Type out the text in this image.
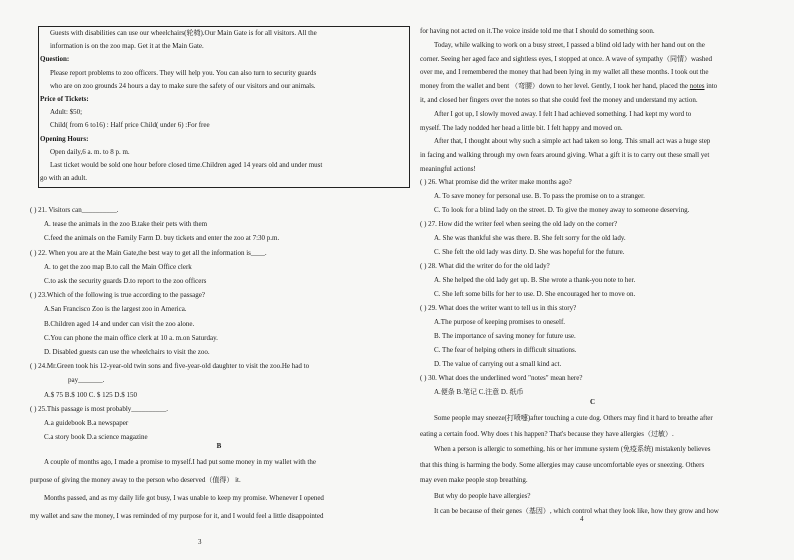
Guests with disabilities can use our wheelchairs(轮椅).Our Main Gate is for all visitors. All the
information is on the zoo map. Get it at the Main Gate.
Question:
Please report problems to zoo officers. They will help you. You can also turn to security guards
who are on zoo grounds 24 hours a day to make sure the safety of our visitors and our animals.
Price of Tickets:
Adult: $50;
Child( from 6 to16) : Half price Child( under 6) :For free
Opening Hours:
Open daily,6 a. m. to 8 p. m.
Last ticket would be sold one hour before closed time.Children aged 14 years old and under must
go with an adult.
( ) 21. Visitors can__________.
A. tease the animals in the zoo B.take their pets with them
C.feed the animals on the Family Farm D. buy tickets and enter the zoo at 7:30 p.m.
( ) 22. When you are at the Main Gate,the best way to get all the information is____.
A. to get the zoo map B.to call the Main Office clerk
C.to ask the security guards D.to report to the zoo officers
( ) 23.Which of the following is true according to the passage?
A.San Francisco Zoo is the largest zoo in America.
B.Children aged 14 and under can visit the zoo alone.
C.You can phone the main office clerk at 10 a. m.on Saturday.
D. Disabled guests can use the wheelchairs to visit the zoo.
( ) 24.Mr.Green took his 12-year-old twin sons and five-year-old daughter to visit the zoo.He had to
pay_______.
A.$ 75 B.$ 100 C. $ 125 D.$ 150
( ) 25.This passage is most probably__________.
A.a guidebook B.a newspaper
C.a story book D.a science magazine
B
A couple of months ago, I made a promise to myself.I had put some money in my wallet with the
purpose of giving the money away to the person who deserved（值得） it.
Months passed, and as my daily life got busy, I was unable to keep my promise. Whenever I opened
my wallet and saw the money, I was reminded of my purpose for it, and I would feel a little disappointed
3
for having not acted on it.The voice inside told me that I should do something soon.
Today, while walking to work on a busy street, I passed a blind old lady with her hand out on the
corner. Seeing her aged face and sightless eyes, I stopped at once. A wave of sympathy（同情）washed
over me, and I remembered the money that had been lying in my wallet all these months. I took out the
money from the wallet and bent （弯腰）down to her level. Gently, I took her hand, placed the notes into
it, and closed her fingers over the notes so that she could feel the money and understand my action.
After I got up, I slowly moved away. I felt I had achieved something. I had kept my word to
myself. The lady nodded her head a little bit. I felt happy and moved on.
After that, I thought about why such a simple act had taken so long. This small act was a huge step
in facing and walking through my own fears around giving. What a gift it is to carry out these small yet
meaningful actions!
( ) 26. What promise did the writer make months ago?
A. To save money for personal use. B. To pass the promise on to a stranger.
C. To look for a blind lady on the street. D. To give the money away to someone deserving.
( ) 27. How did the writer feel when seeing the old lady on the corner?
A. She was thankful she was there. B. She felt sorry for the old lady.
C. She felt the old lady was dirty. D. She was hopeful for the future.
( ) 28. What did the writer do for the old lady?
A. She helped the old lady get up. B. She wrote a thank-you note to her.
C. She left some bills for her to use. D. She encouraged her to move on.
( ) 29. What does the writer want to tell us in this story?
A.The purpose of keeping promises to oneself.
B. The importance of saving money for future use.
C. The fear of helping others in difficult situations.
D. The value of carrying out a small kind act.
( ) 30. What does the underlined word "notes" mean here?
A.便条 B.笔记 C.注意 D. 纸币
C
Some people may sneeze(打喷嚏)after touching a cute dog. Others may find it hard to breathe after
eating a certain food. Why does t his happen? That's because they have allergies（过敏）.
When a person is allergic to something, his or her immune system (免疫系统) mistakenly believes
that this thing is harming the body. Some allergies may cause uncomfortable eyes or sneezing. Others
may even make people stop breathing.
But why do people have allergies?
It can be because of their genes（基因）, which control what they look like, how they grow and how
4
